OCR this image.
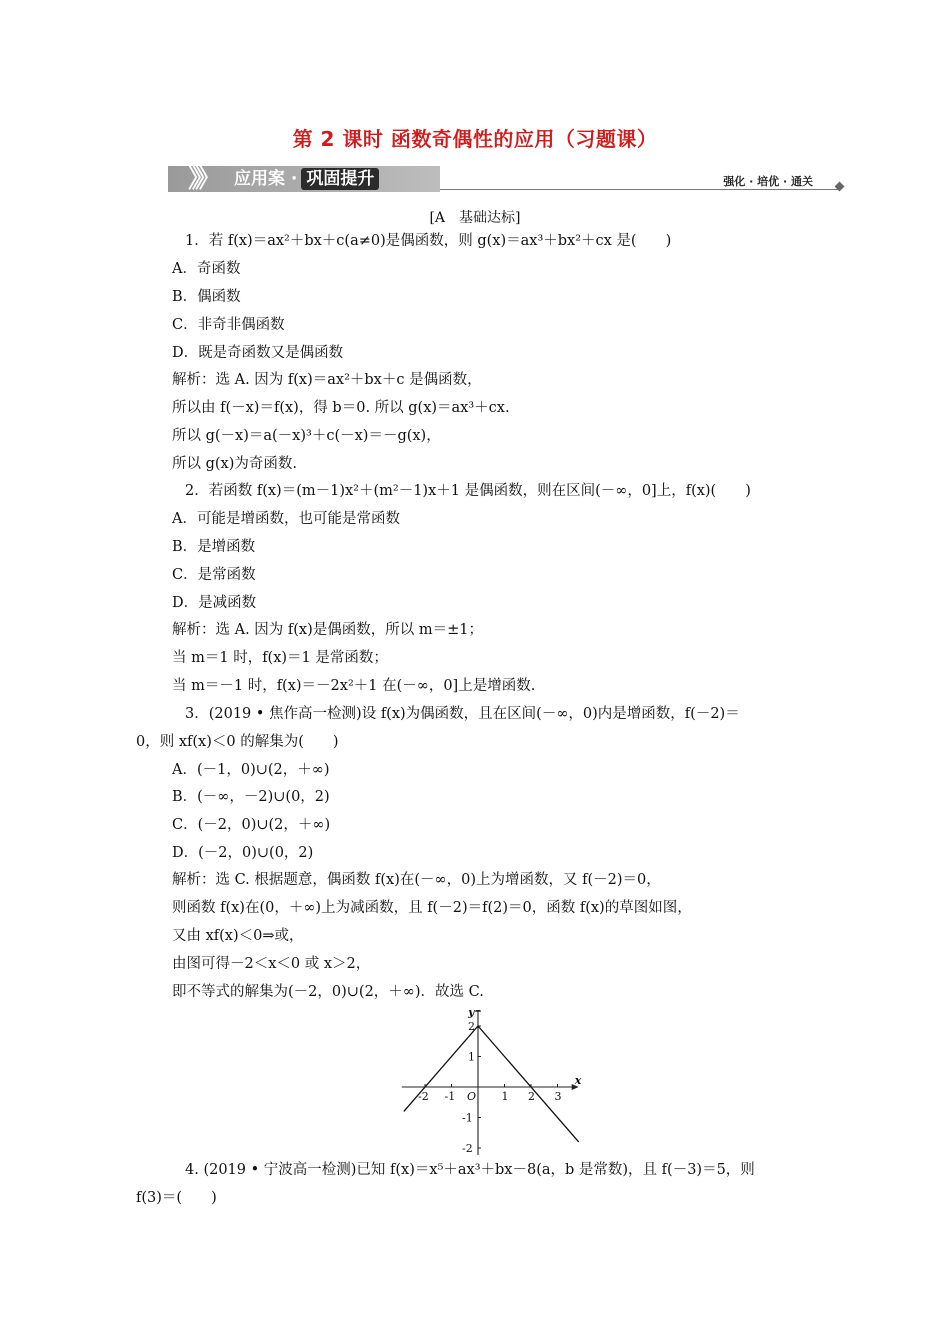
第 2 课时 函数奇偶性的应用（习题课）
》》 应用案 · 巩固提升	强化 · 培优 · 通关
[A　基础达标]
1．若 f(x)＝ax²＋bx＋c(a≠0)是偶函数，则 g(x)＝ax³＋bx²＋cx 是(　　)
A．奇函数
B．偶函数
C．非奇非偶函数
D．既是奇函数又是偶函数
解析：选 A. 因为 f(x)＝ax²＋bx＋c 是偶函数，
所以由 f(－x)＝f(x)，得 b＝0. 所以 g(x)＝ax³＋cx.
所以 g(－x)＝a(－x)³＋c(－x)＝－g(x)，
所以 g(x)为奇函数.
2．若函数 f(x)＝(m－1)x²＋(m²－1)x＋1 是偶函数，则在区间(－∞，0]上，f(x)(　　)
A．可能是增函数，也可能是常函数
B．是增函数
C．是常函数
D．是减函数
解析：选 A. 因为 f(x)是偶函数，所以 m＝±1；
当 m＝1 时，f(x)＝1 是常函数；
当 m＝－1 时，f(x)＝－2x²＋1 在(－∞，0]上是增函数.
3．(2019 • 焦作高一检测)设 f(x)为偶函数，且在区间(－∞，0)内是增函数，f(－2)＝
0，则 xf(x)＜0 的解集为(　　)
A．(－1，0)∪(2，＋∞)
B．(－∞，－2)∪(0，2)
C．(－2，0)∪(2，＋∞)
D．(－2，0)∪(0，2)
解析：选 C. 根据题意，偶函数 f(x)在(－∞，0)上为增函数，又 f(－2)＝0，
则函数 f(x)在(0，＋∞)上为减函数，且 f(－2)＝f(2)＝0，函数 f(x)的草图如图，
又由 xf(x)＜0⇒或，
由图可得－2＜x＜0 或 x＞2，
即不等式的解集为(－2，0)∪(2，＋∞)．故选 C.
x
y
O
-2 -1	1 2 3
2
1
-1
-2
4. (2019 • 宁波高一检测)已知 f(x)＝x⁵＋ax³＋bx－8(a，b 是常数)，且 f(－3)＝5，则
f(3)＝(　　)
